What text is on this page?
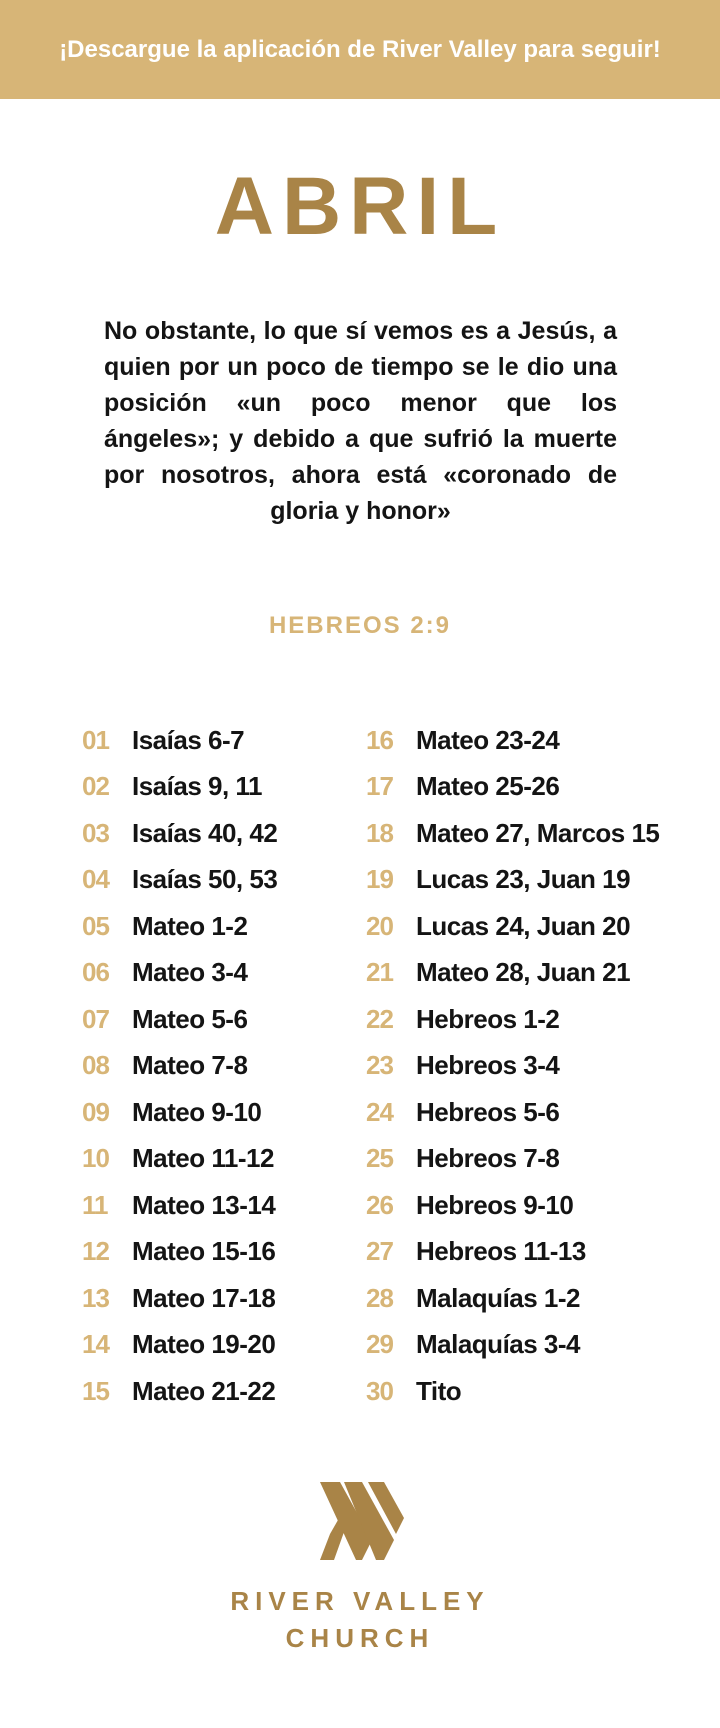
¡Descargue la aplicación de River Valley para seguir!
ABRIL
No obstante, lo que sí vemos es a Jesús, a quien por un poco de tiempo se le dio una posición «un poco menor que los ángeles»; y debido a que sufrió la muerte por nosotros, ahora está «coronado de gloria y honor»
HEBREOS 2:9
01 Isaías 6-7
02 Isaías 9, 11
03 Isaías 40, 42
04 Isaías 50, 53
05 Mateo 1-2
06 Mateo 3-4
07 Mateo 5-6
08 Mateo 7-8
09 Mateo 9-10
10 Mateo 11-12
11 Mateo 13-14
12 Mateo 15-16
13 Mateo 17-18
14 Mateo 19-20
15 Mateo 21-22
16 Mateo 23-24
17 Mateo 25-26
18 Mateo 27, Marcos 15
19 Lucas 23, Juan 19
20 Lucas 24, Juan 20
21 Mateo 28, Juan 21
22 Hebreos 1-2
23 Hebreos 3-4
24 Hebreos 5-6
25 Hebreos 7-8
26 Hebreos 9-10
27 Hebreos 11-13
28 Malaquías 1-2
29 Malaquías 3-4
30 Tito
RIVER VALLEY
CHURCH
